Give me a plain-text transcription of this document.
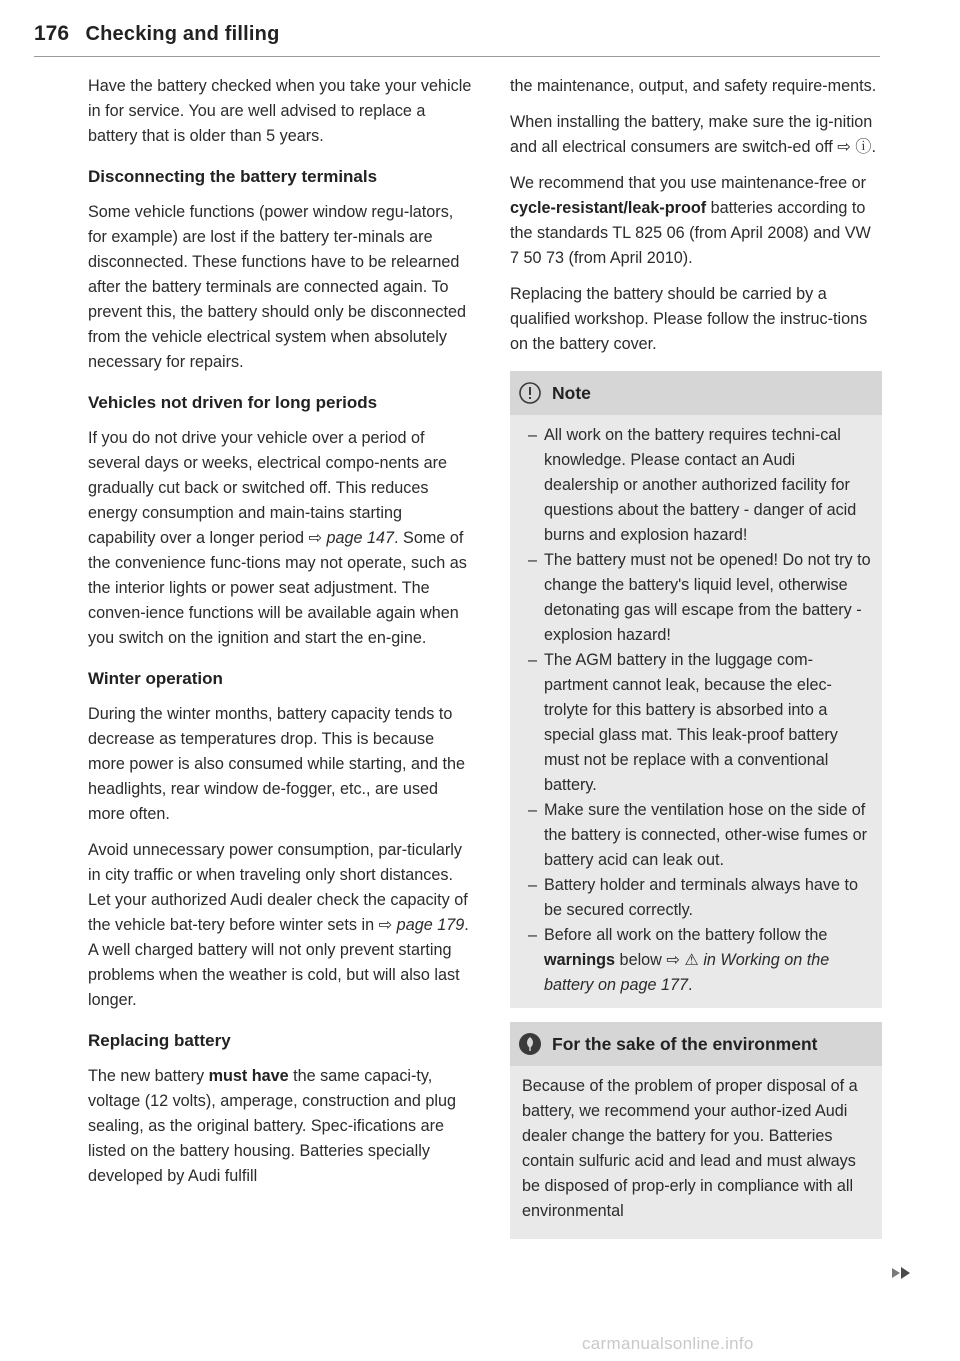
176 Checking and filling

Have the battery checked when you take your vehicle in for service. You are well advised to replace a battery that is older than 5 years.

Disconnecting the battery terminals

Some vehicle functions (power window regu-lators, for example) are lost if the battery ter-minals are disconnected. These functions have to be relearned after the battery terminals are connected again. To prevent this, the battery should only be disconnected from the vehicle electrical system when absolutely necessary for repairs.

Vehicles not driven for long periods

If you do not drive your vehicle over a period of several days or weeks, electrical compo-nents are gradually cut back or switched off. This reduces energy consumption and main-tains starting capability over a longer period ⇨ page 147. Some of the convenience func-tions may not operate, such as the interior lights or power seat adjustment. The conven-ience functions will be available again when you switch on the ignition and start the en-gine.

Winter operation

During the winter months, battery capacity tends to decrease as temperatures drop. This is because more power is also consumed while starting, and the headlights, rear window de-fogger, etc., are used more often.

Avoid unnecessary power consumption, par-ticularly in city traffic or when traveling only short distances. Let your authorized Audi dealer check the capacity of the vehicle bat-tery before winter sets in ⇨ page 179. A well charged battery will not only prevent starting problems when the weather is cold, but will also last longer.

Replacing battery

The new battery must have the same capaci-ty, voltage (12 volts), amperage, construction and plug sealing, as the original battery. Spec-ifications are listed on the battery housing. Batteries specially developed by Audi fulfill

the maintenance, output, and safety require-ments.

When installing the battery, make sure the ig-nition and all electrical consumers are switch-ed off ⇨ ⓘ.

We recommend that you use maintenance-free or cycle-resistant/leak-proof batteries according to the standards TL 825 06 (from April 2008) and VW 7 50 73 (from April 2010).

Replacing the battery should be carried by a qualified workshop. Please follow the instruc-tions on the battery cover.

Note
– All work on the battery requires techni-cal knowledge. Please contact an Audi dealership or another authorized facility for questions about the battery - danger of acid burns and explosion hazard!
– The battery must not be opened! Do not try to change the battery's liquid level, otherwise detonating gas will escape from the battery - explosion hazard!
– The AGM battery in the luggage com-partment cannot leak, because the elec-trolyte for this battery is absorbed into a special glass mat. This leak-proof battery must not be replace with a conventional battery.
– Make sure the ventilation hose on the side of the battery is connected, other-wise fumes or battery acid can leak out.
– Battery holder and terminals always have to be secured correctly.
– Before all work on the battery follow the warnings below ⇨ ⚠ in Working on the battery on page 177.
For the sake of the environment

Because of the problem of proper disposal of a battery, we recommend your author-ized Audi dealer change the battery for you. Batteries contain sulfuric acid and lead and must always be disposed of prop-erly in compliance with all environmental

carmanualsonline.info
